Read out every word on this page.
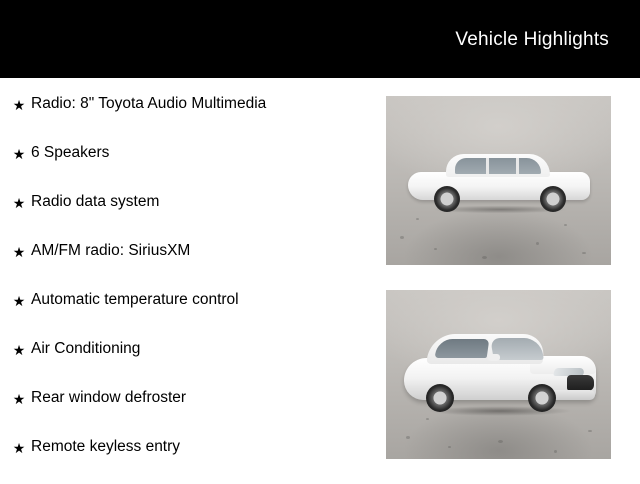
Vehicle Highlights
★ Radio: 8" Toyota Audio Multimedia
★ 6 Speakers
★ Radio data system
★ AM/FM radio: SiriusXM
★ Automatic temperature control
★ Air Conditioning
★ Rear window defroster
★ Remote keyless entry
